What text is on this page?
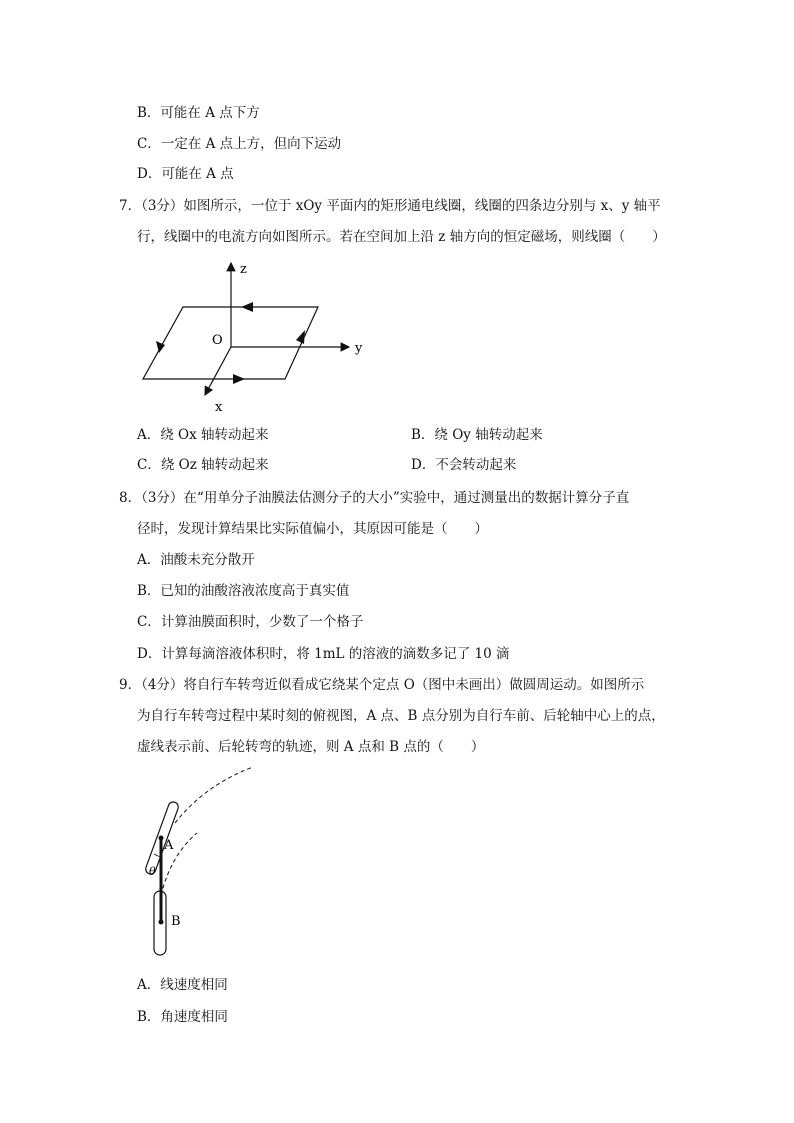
B．可能在 A 点下方
C．一定在 A 点上方，但向下运动
D．可能在 A 点
7．（3分）如图所示，一位于 xOy 平面内的矩形通电线圈，线圈的四条边分别与 x、y 轴平
行，线圈中的电流方向如图所示。若在空间加上沿 z 轴方向的恒定磁场，则线圈（　　）
z
y
x
O
A．绕 Ox 轴转动起来	B．绕 Oy 轴转动起来
C．绕 Oz 轴转动起来	D．不会转动起来
8．（3分）在“用单分子油膜法估测分子的大小”实验中，通过测量出的数据计算分子直
径时，发现计算结果比实际值偏小，其原因可能是（　　）
A．油酸未充分散开
B．已知的油酸溶液浓度高于真实值
C．计算油膜面积时，少数了一个格子
D．计算每滴溶液体积时，将 1mL 的溶液的滴数多记了 10 滴
9．（4分）将自行车转弯近似看成它绕某个定点 O（图中未画出）做圆周运动。如图所示
为自行车转弯过程中某时刻的俯视图，A 点、B 点分别为自行车前、后轮轴中心上的点，
虚线表示前、后轮转弯的轨迹，则 A 点和 B 点的（　　）
A
B
θ
A．线速度相同
B．角速度相同
